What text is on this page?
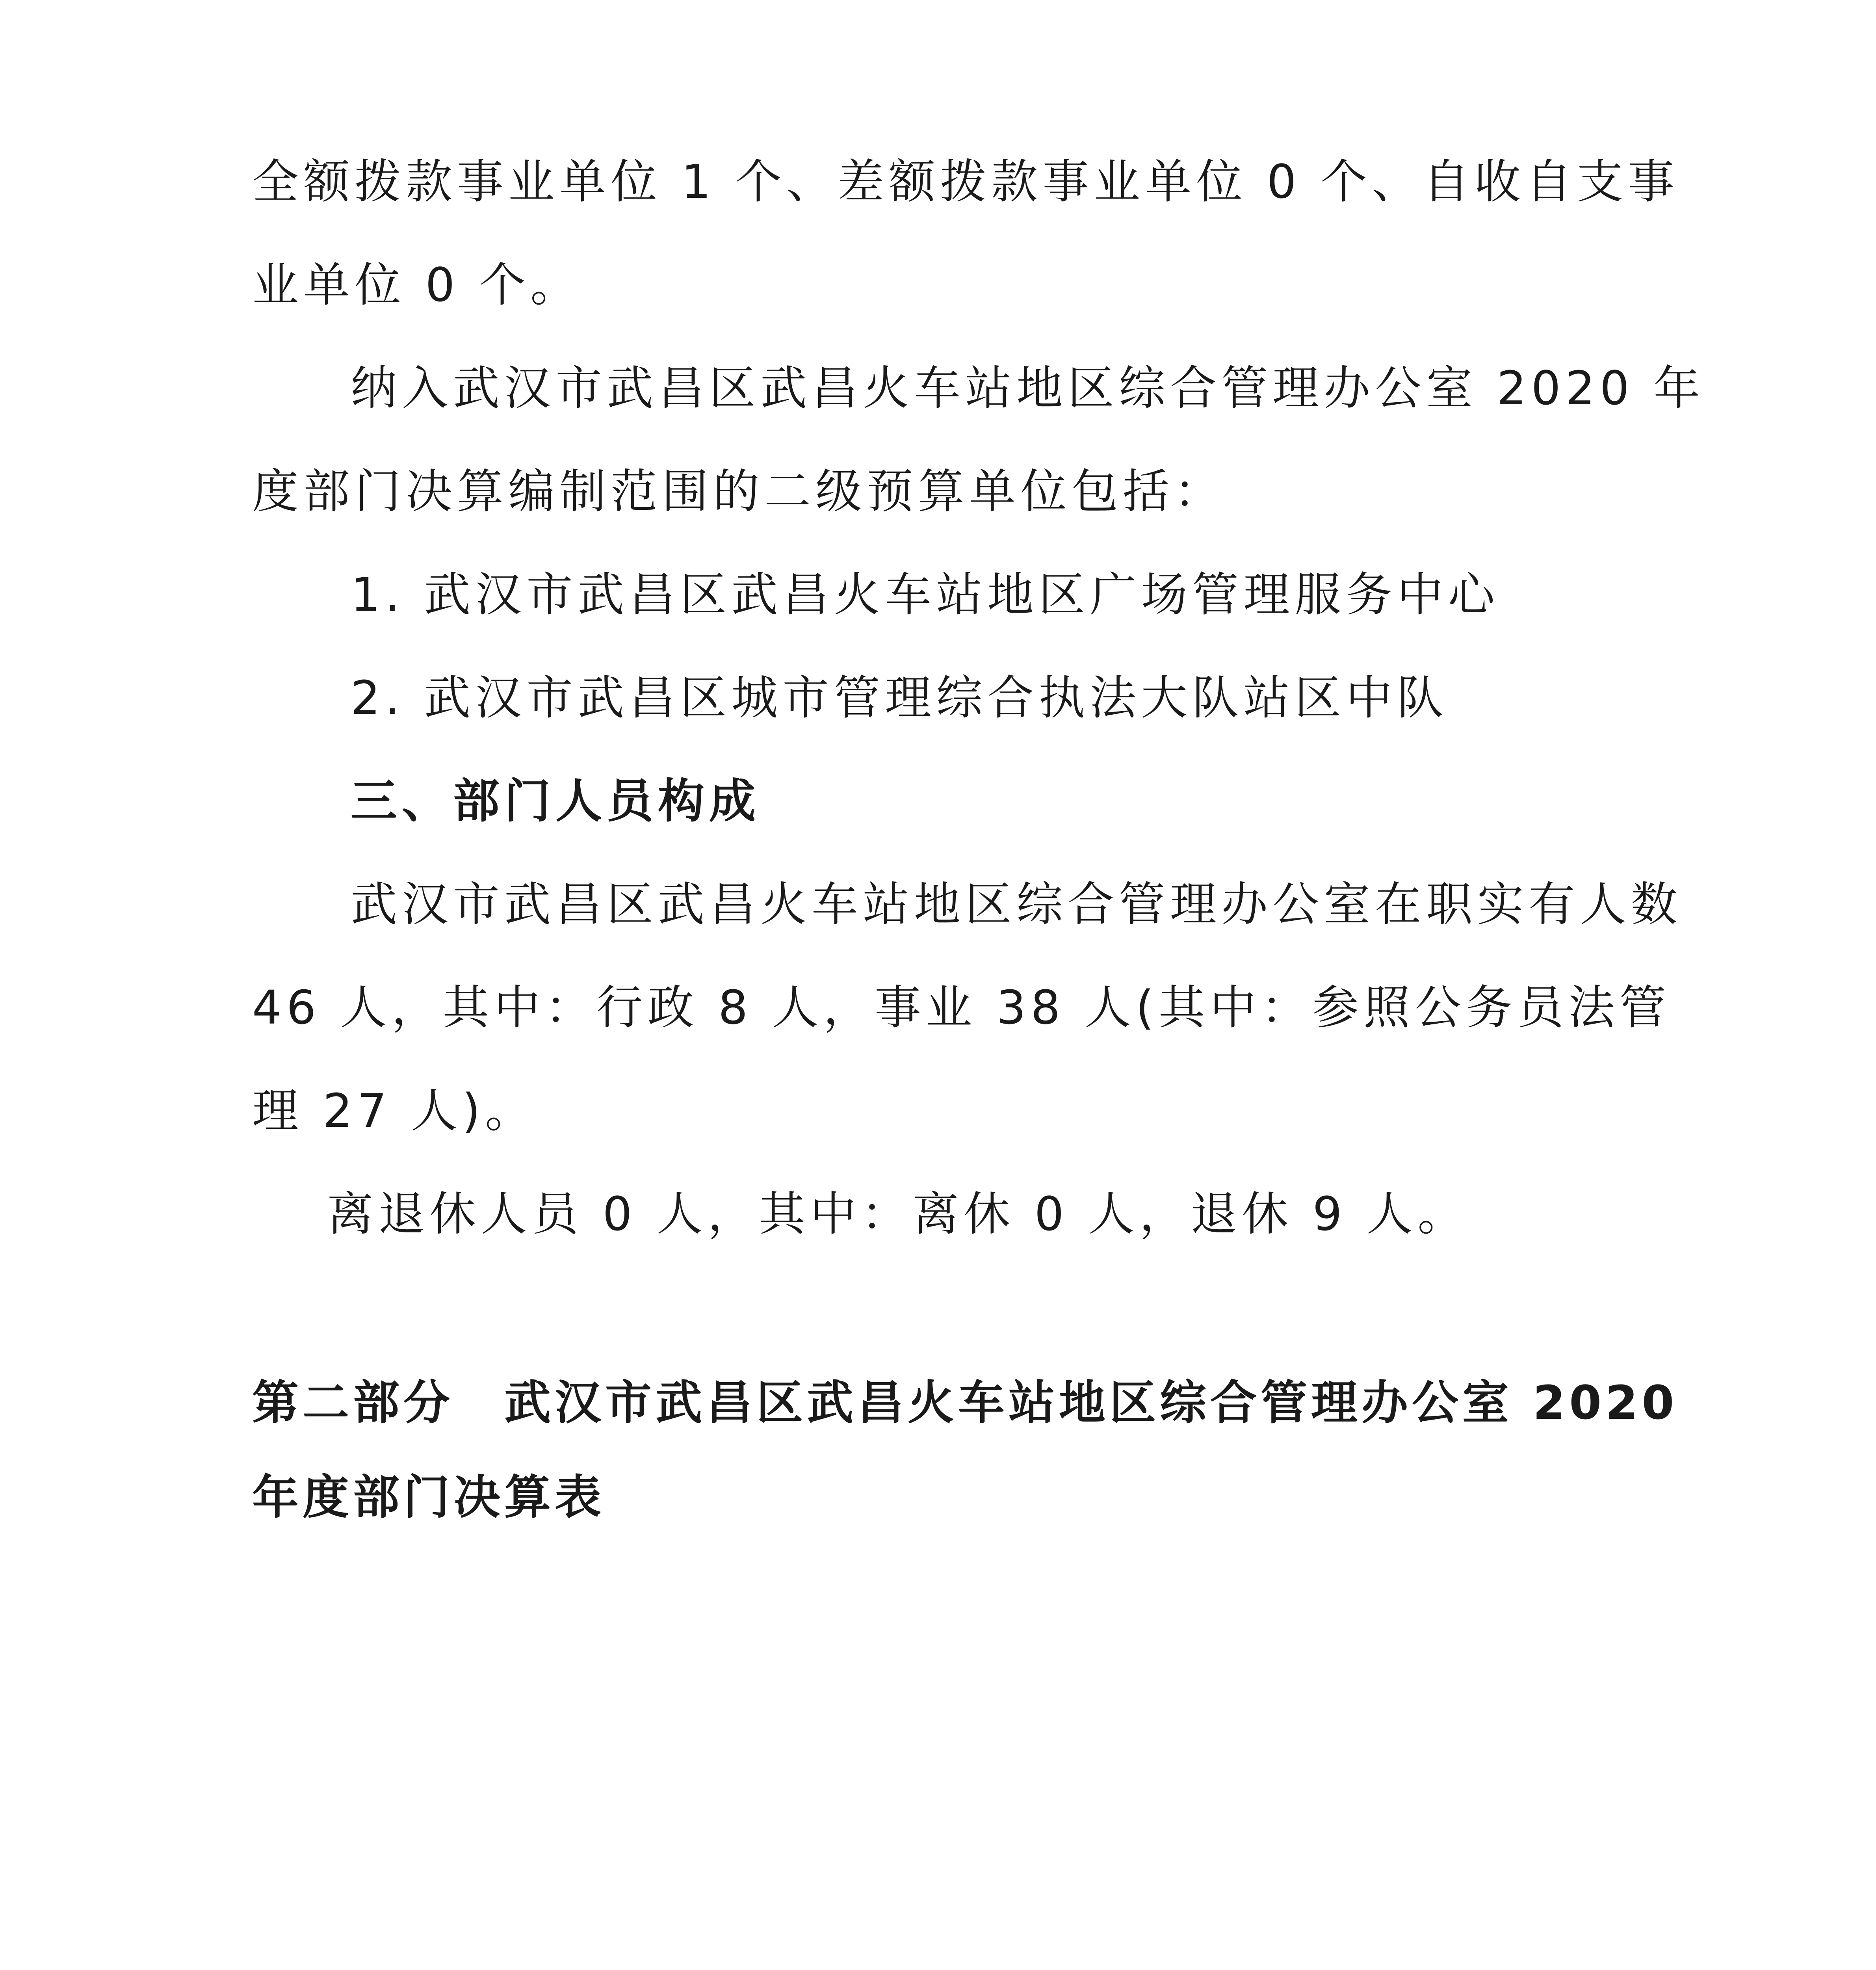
全额拨款事业单位 1 个、差额拨款事业单位 0 个、自收自支事业单位 0 个。

纳入武汉市武昌区武昌火车站地区综合管理办公室 2020 年度部门决算编制范围的二级预算单位包括：

1. 武汉市武昌区武昌火车站地区广场管理服务中心

2. 武汉市武昌区城市管理综合执法大队站区中队

三、部门人员构成

武汉市武昌区武昌火车站地区综合管理办公室在职实有人数 46 人，其中：行政 8 人，事业 38 人(其中：参照公务员法管理 27 人)。

离退休人员 0 人，其中：离休 0 人，退休 9 人。

第二部分　武汉市武昌区武昌火车站地区综合管理办公室 2020 年度部门决算表
